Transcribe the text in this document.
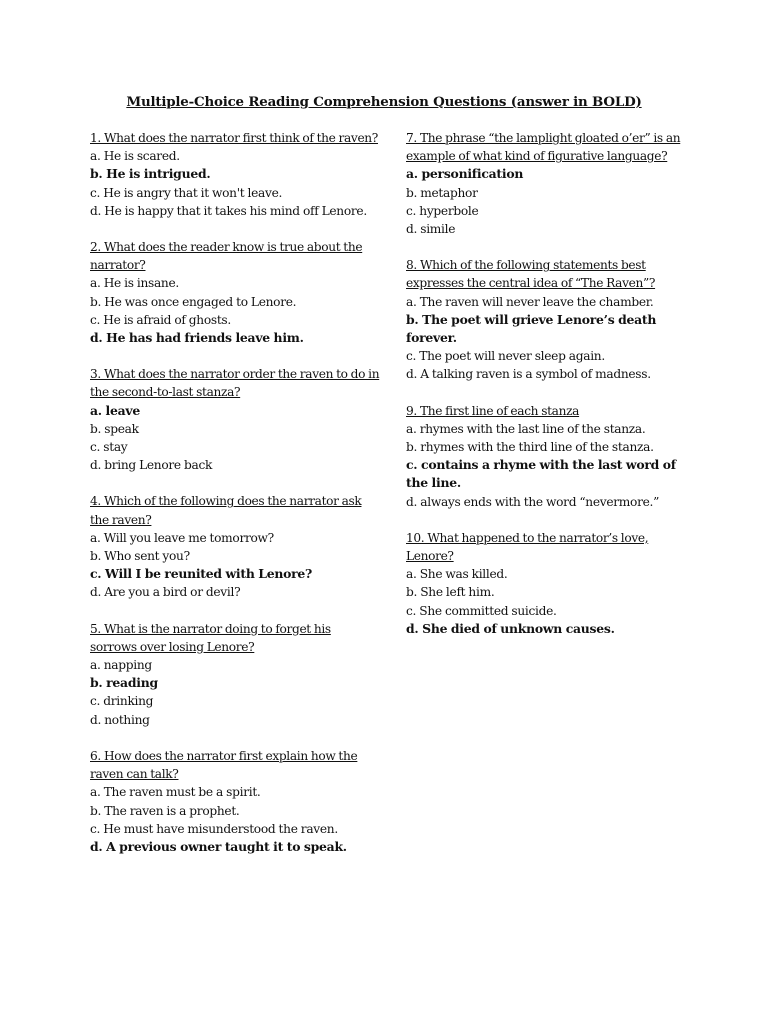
Multiple-Choice Reading Comprehension Questions (answer in BOLD)
1. What does the narrator first think of the raven?
a. He is scared.
b. He is intrigued.
c. He is angry that it won't leave.
d. He is happy that it takes his mind off Lenore.
2. What does the reader know is true about the narrator?
a. He is insane.
b. He was once engaged to Lenore.
c. He is afraid of ghosts.
d. He has had friends leave him.
3. What does the narrator order the raven to do in the second-to-last stanza?
a. leave
b. speak
c. stay
d. bring Lenore back
4. Which of the following does the narrator ask the raven?
a. Will you leave me tomorrow?
b. Who sent you?
c. Will I be reunited with Lenore?
d. Are you a bird or devil?
5. What is the narrator doing to forget his sorrows over losing Lenore?
a. napping
b. reading
c. drinking
d. nothing
6. How does the narrator first explain how the raven can talk?
a. The raven must be a spirit.
b. The raven is a prophet.
c. He must have misunderstood the raven.
d. A previous owner taught it to speak.
7. The phrase “the lamplight gloated o’er” is an example of what kind of figurative language?
a. personification
b. metaphor
c. hyperbole
d. simile
8. Which of the following statements best expresses the central idea of “The Raven”?
a. The raven will never leave the chamber.
b. The poet will grieve Lenore’s death forever.
c. The poet will never sleep again.
d. A talking raven is a symbol of madness.
9. The first line of each stanza
a. rhymes with the last line of the stanza.
b. rhymes with the third line of the stanza.
c. contains a rhyme with the last word of the line.
d. always ends with the word “nevermore.”
10. What happened to the narrator’s love, Lenore?
a. She was killed.
b. She left him.
c. She committed suicide.
d. She died of unknown causes.
